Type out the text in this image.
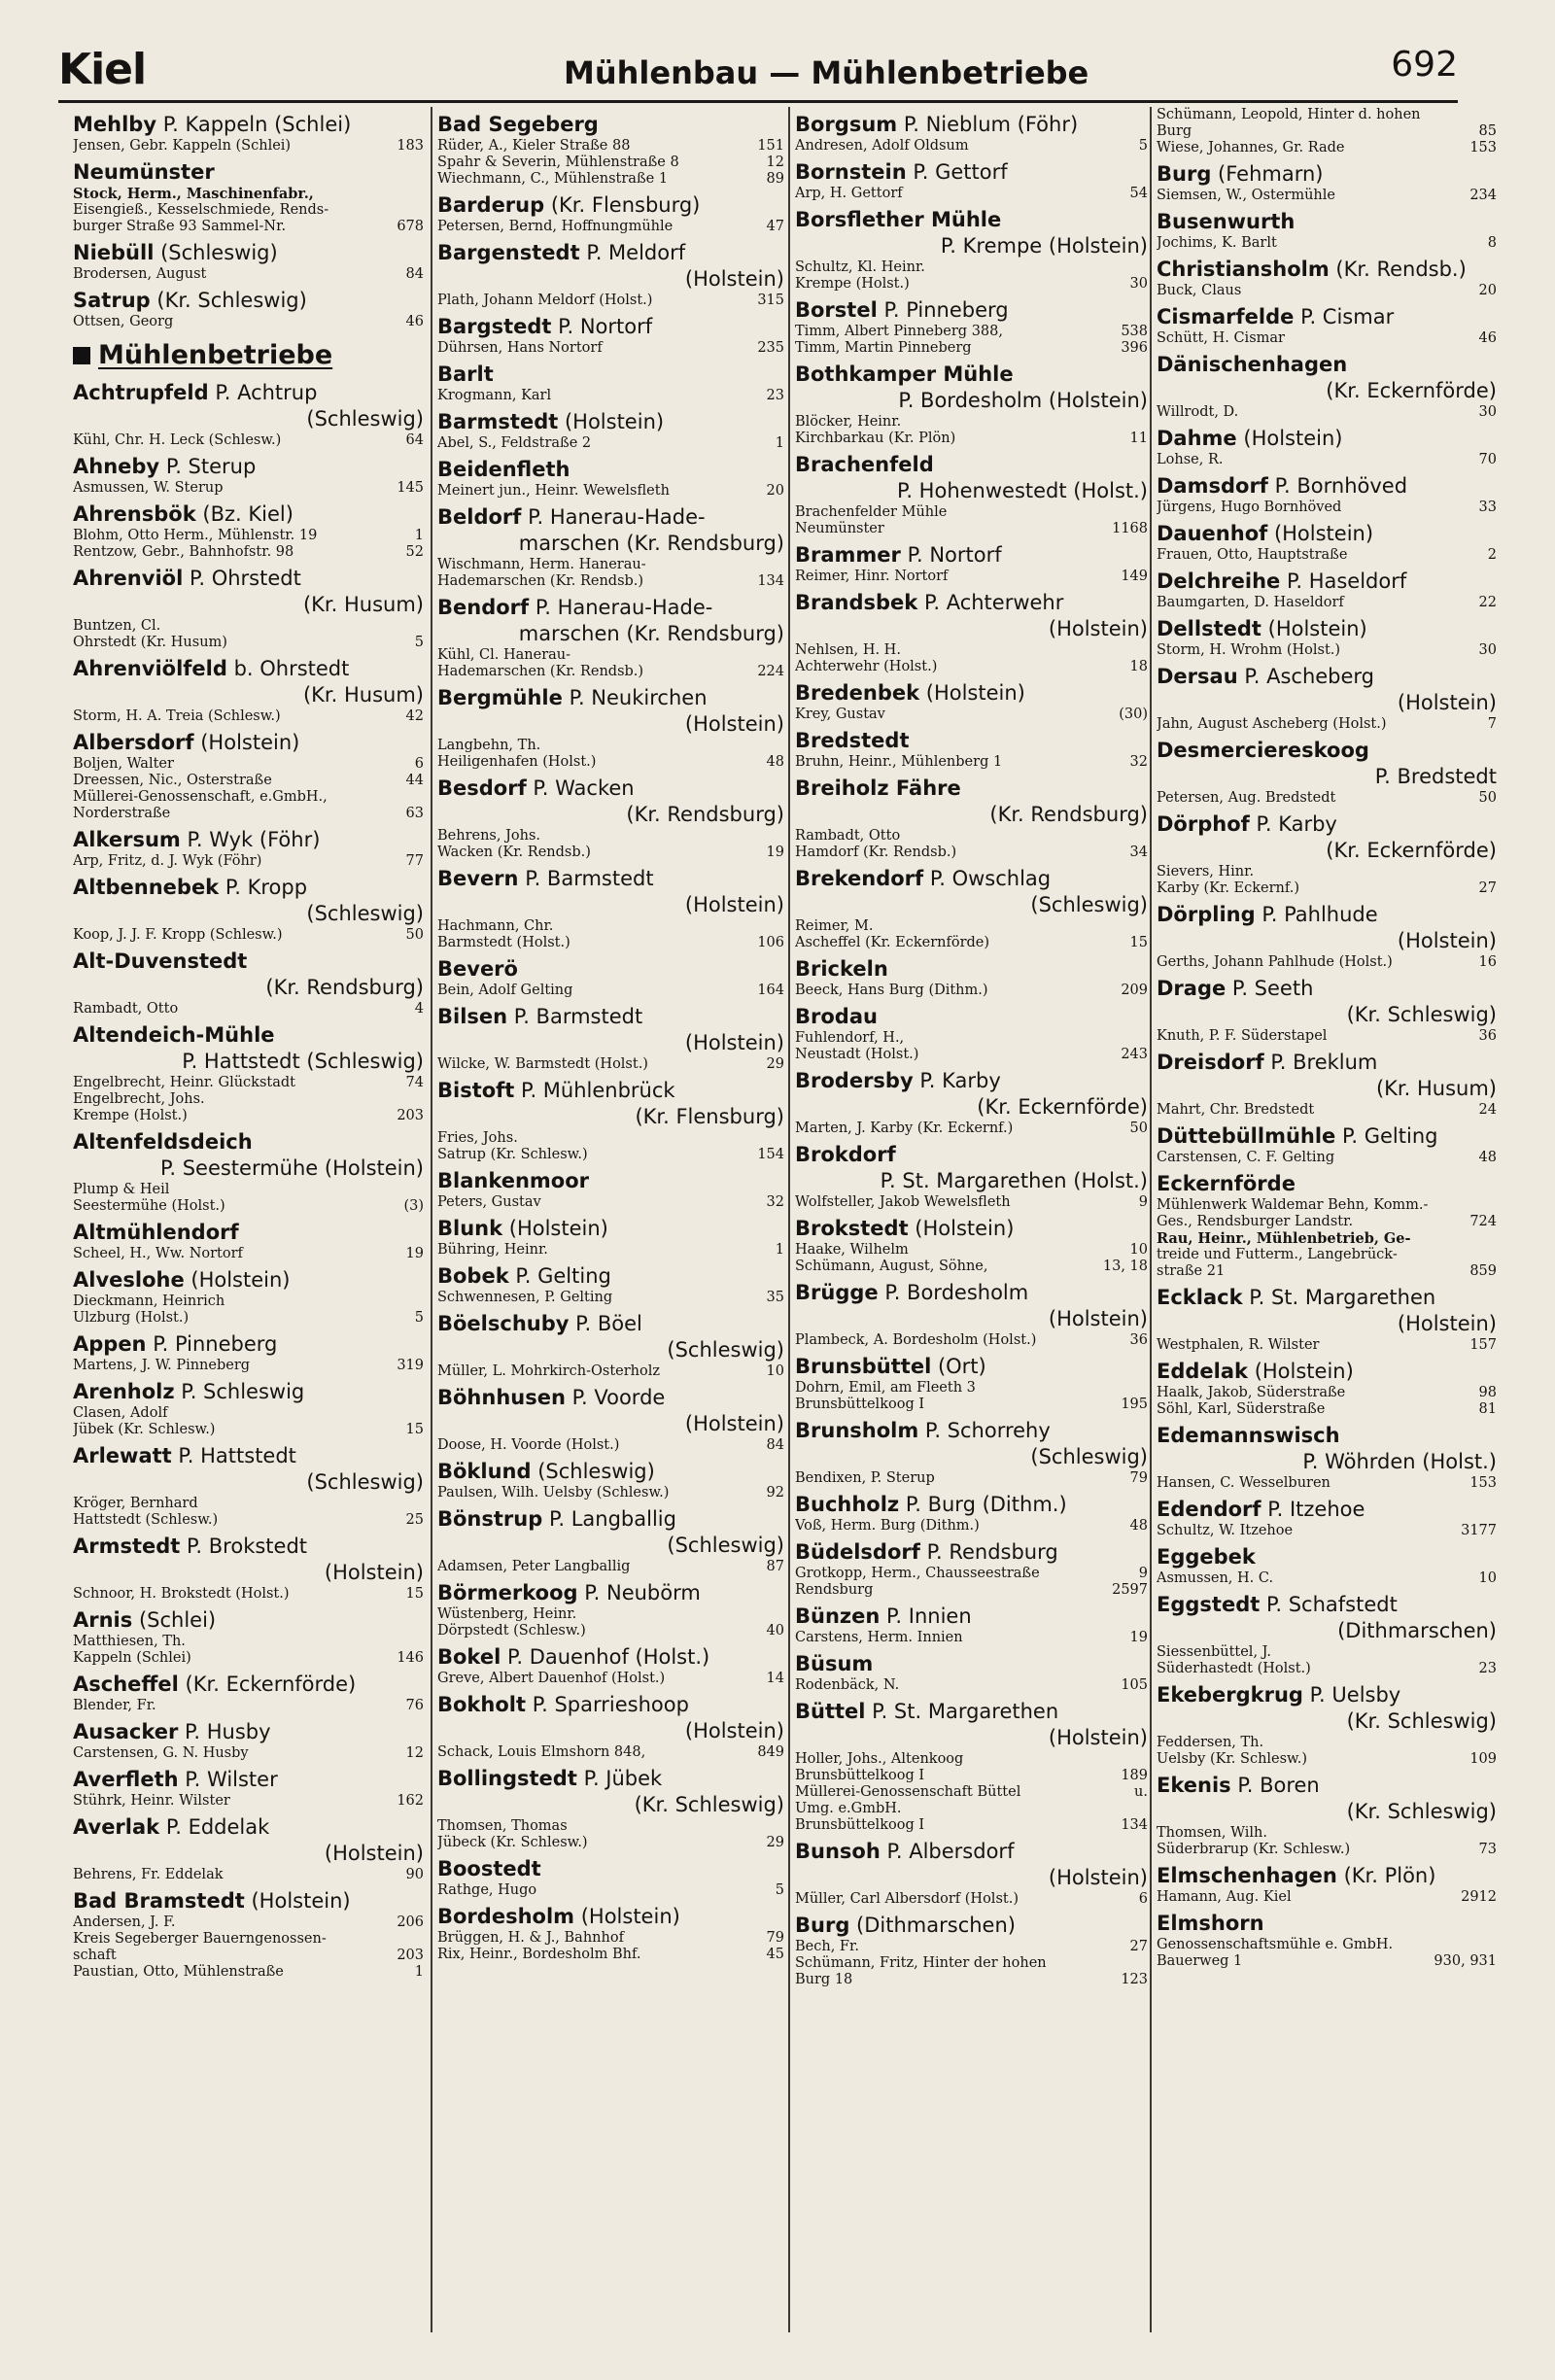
Kiel	Mühlenbau — Mühlenbetriebe	692
Mehlby P. Kappeln (Schlei)
Jensen, Gebr. Kappeln (Schlei)	183
Neumünster
Stock, Herm., Maschinenfabr.,
Eisengieß., Kesselschmiede, Rends-
burger Straße 93 Sammel-Nr.	678
Niebüll (Schleswig)
Brodersen, August	84
Satrup (Kr. Schleswig)
Ottsen, Georg	46
Mühlenbetriebe
Achtrupfeld P. Achtrup
(Schleswig)
Kühl, Chr. H. Leck (Schlesw.)	64
Ahneby P. Sterup
Asmussen, W. Sterup	145
Ahrensbök (Bz. Kiel)
Blohm, Otto Herm., Mühlenstr. 19	1
Rentzow, Gebr., Bahnhofstr. 98	52
Ahrenviöl P. Ohrstedt
(Kr. Husum)
Buntzen, Cl.
Ohrstedt (Kr. Husum)	5
Ahrenviölfeld b. Ohrstedt
(Kr. Husum)
Storm, H. A. Treia (Schlesw.)	42
Albersdorf (Holstein)
Boljen, Walter	6
Dreessen, Nic., Osterstraße	44
Müllerei-Genossenschaft, e.GmbH.,
Norderstraße	63
Alkersum P. Wyk (Föhr)
Arp, Fritz, d. J. Wyk (Föhr)	77
Altbennebek P. Kropp
(Schleswig)
Koop, J. J. F. Kropp (Schlesw.)	50
Alt-Duvenstedt
(Kr. Rendsburg)
Rambadt, Otto	4
Altendeich-Mühle
P. Hattstedt (Schleswig)
Engelbrecht, Heinr. Glückstadt	74
Engelbrecht, Johs.
Krempe (Holst.)	203
Altenfeldsdeich
P. Seestermühe (Holstein)
Plump & Heil
Seestermühe (Holst.)	(3)
Altmühlendorf
Scheel, H., Ww. Nortorf	19
Alveslohe (Holstein)
Dieckmann, Heinrich
Ulzburg (Holst.)	5
Appen P. Pinneberg
Martens, J. W. Pinneberg	319
Arenholz P. Schleswig
Clasen, Adolf
Jübek (Kr. Schlesw.)	15
Arlewatt P. Hattstedt
(Schleswig)
Kröger, Bernhard
Hattstedt (Schlesw.)	25
Armstedt P. Brokstedt
(Holstein)
Schnoor, H. Brokstedt (Holst.)	15
Arnis (Schlei)
Matthiesen, Th.
Kappeln (Schlei)	146
Ascheffel (Kr. Eckernförde)
Blender, Fr.	76
Ausacker P. Husby
Carstensen, G. N. Husby	12
Averfleth P. Wilster
Stührk, Heinr. Wilster	162
Averlak P. Eddelak
(Holstein)
Behrens, Fr. Eddelak	90
Bad Bramstedt (Holstein)
Andersen, J. F.	206
Kreis Segeberger Bauerngenossen-
schaft	203
Paustian, Otto, Mühlenstraße	1
Bad Segeberg
Rüder, A., Kieler Straße 88	151
Spahr & Severin, Mühlenstraße 8	12
Wiechmann, C., Mühlenstraße 1	89
Barderup (Kr. Flensburg)
Petersen, Bernd, Hoffnungmühle	47
Bargenstedt P. Meldorf
(Holstein)
Plath, Johann Meldorf (Holst.)	315
Bargstedt P. Nortorf
Dührsen, Hans Nortorf	235
Barlt
Krogmann, Karl	23
Barmstedt (Holstein)
Abel, S., Feldstraße 2	1
Beidenfleth
Meinert jun., Heinr. Wewelsfleth	20
Beldorf P. Hanerau-Hade-
marschen (Kr. Rendsburg)
Wischmann, Herm. Hanerau-
Hademarschen (Kr. Rendsb.)	134
Bendorf P. Hanerau-Hade-
marschen (Kr. Rendsburg)
Kühl, Cl. Hanerau-
Hademarschen (Kr. Rendsb.)	224
Bergmühle P. Neukirchen
(Holstein)
Langbehn, Th.
Heiligenhafen (Holst.)	48
Besdorf P. Wacken
(Kr. Rendsburg)
Behrens, Johs.
Wacken (Kr. Rendsb.)	19
Bevern P. Barmstedt
(Holstein)
Hachmann, Chr.
Barmstedt (Holst.)	106
Beverö
Bein, Adolf Gelting	164
Bilsen P. Barmstedt
(Holstein)
Wilcke, W. Barmstedt (Holst.)	29
Bistoft P. Mühlenbrück
(Kr. Flensburg)
Fries, Johs.
Satrup (Kr. Schlesw.)	154
Blankenmoor
Peters, Gustav	32
Blunk (Holstein)
Bühring, Heinr.	1
Bobek P. Gelting
Schwennesen, P. Gelting	35
Böelschuby P. Böel
(Schleswig)
Müller, L. Mohrkirch-Osterholz	10
Böhnhusen P. Voorde
(Holstein)
Doose, H. Voorde (Holst.)	84
Böklund (Schleswig)
Paulsen, Wilh. Uelsby (Schlesw.)	92
Bönstrup P. Langballig
(Schleswig)
Adamsen, Peter Langballig	87
Börmerkoog P. Neubörm
Wüstenberg, Heinr.
Dörpstedt (Schlesw.)	40
Bokel P. Dauenhof (Holst.)
Greve, Albert Dauenhof (Holst.)	14
Bokholt P. Sparrieshoop
(Holstein)
Schack, Louis Elmshorn 848,	849
Bollingstedt P. Jübek
(Kr. Schleswig)
Thomsen, Thomas
Jübeck (Kr. Schlesw.)	29
Boostedt
Rathge, Hugo	5
Bordesholm (Holstein)
Brüggen, H. & J., Bahnhof	79
Rix, Heinr., Bordesholm Bhf.	45
Borgsum P. Nieblum (Föhr)
Andresen, Adolf Oldsum	5
Bornstein P. Gettorf
Arp, H. Gettorf	54
Borsflether Mühle
P. Krempe (Holstein)
Schultz, Kl. Heinr.
Krempe (Holst.)	30
Borstel P. Pinneberg
Timm, Albert Pinneberg 388,	538
Timm, Martin Pinneberg	396
Bothkamper Mühle
P. Bordesholm (Holstein)
Blöcker, Heinr.
Kirchbarkau (Kr. Plön)	11
Brachenfeld
P. Hohenwestedt (Holst.)
Brachenfelder Mühle
Neumünster	1168
Brammer P. Nortorf
Reimer, Hinr. Nortorf	149
Brandsbek P. Achterwehr
(Holstein)
Nehlsen, H. H.
Achterwehr (Holst.)	18
Bredenbek (Holstein)
Krey, Gustav	(30)
Bredstedt
Bruhn, Heinr., Mühlenberg 1	32
Breiholz Fähre
(Kr. Rendsburg)
Rambadt, Otto
Hamdorf (Kr. Rendsb.)	34
Brekendorf P. Owschlag
(Schleswig)
Reimer, M.
Ascheffel (Kr. Eckernförde)	15
Brickeln
Beeck, Hans Burg (Dithm.)	209
Brodau
Fuhlendorf, H.,
Neustadt (Holst.)	243
Brodersby P. Karby
(Kr. Eckernförde)
Marten, J. Karby (Kr. Eckernf.)	50
Brokdorf
P. St. Margarethen (Holst.)
Wolfsteller, Jakob Wewelsfleth	9
Brokstedt (Holstein)
Haake, Wilhelm	10
Schümann, August, Söhne,	13, 18
Brügge P. Bordesholm
(Holstein)
Plambeck, A. Bordesholm (Holst.)	36
Brunsbüttel (Ort)
Dohrn, Emil, am Fleeth 3
Brunsbüttelkoog I	195
Brunsholm P. Schorrehy
(Schleswig)
Bendixen, P. Sterup	79
Buchholz P. Burg (Dithm.)
Voß, Herm. Burg (Dithm.)	48
Büdelsdorf P. Rendsburg
Grotkopp, Herm., Chausseestraße	9
Rendsburg	2597
Bünzen P. Innien
Carstens, Herm. Innien	19
Büsum
Rodenbäck, N.	105
Büttel P. St. Margarethen
(Holstein)
Holler, Johs., Altenkoog
Brunsbüttelkoog I	189
Müllerei-Genossenschaft Büttel	u.
Umg. e.GmbH.
Brunsbüttelkoog I	134
Bunsoh P. Albersdorf
(Holstein)
Müller, Carl Albersdorf (Holst.)	6
Burg (Dithmarschen)
Bech, Fr.	27
Schümann, Fritz, Hinter der hohen
Burg 18	123
Schümann, Leopold, Hinter d. hohen
Burg	85
Wiese, Johannes, Gr. Rade	153
Burg (Fehmarn)
Siemsen, W., Ostermühle	234
Busenwurth
Jochims, K. Barlt	8
Christiansholm (Kr. Rendsb.)
Buck, Claus	20
Cismarfelde P. Cismar
Schütt, H. Cismar	46
Dänischenhagen
(Kr. Eckernförde)
Willrodt, D.	30
Dahme (Holstein)
Lohse, R.	70
Damsdorf P. Bornhöved
Jürgens, Hugo Bornhöved	33
Dauenhof (Holstein)
Frauen, Otto, Hauptstraße	2
Delchreihe P. Haseldorf
Baumgarten, D. Haseldorf	22
Dellstedt (Holstein)
Storm, H. Wrohm (Holst.)	30
Dersau P. Ascheberg
(Holstein)
Jahn, August Ascheberg (Holst.)	7
Desmerciereskoog
P. Bredstedt
Petersen, Aug. Bredstedt	50
Dörphof P. Karby
(Kr. Eckernförde)
Sievers, Hinr.
Karby (Kr. Eckernf.)	27
Dörpling P. Pahlhude
(Holstein)
Gerths, Johann Pahlhude (Holst.)	16
Drage P. Seeth
(Kr. Schleswig)
Knuth, P. F. Süderstapel	36
Dreisdorf P. Breklum
(Kr. Husum)
Mahrt, Chr. Bredstedt	24
Düttebüllmühle P. Gelting
Carstensen, C. F. Gelting	48
Eckernförde
Mühlenwerk Waldemar Behn, Komm.-
Ges., Rendsburger Landstr.	724
Rau, Heinr., Mühlenbetrieb, Ge-
treide und Futterm., Langebrück-
straße 21	859
Ecklack P. St. Margarethen
(Holstein)
Westphalen, R. Wilster	157
Eddelak (Holstein)
Haalk, Jakob, Süderstraße	98
Söhl, Karl, Süderstraße	81
Edemannswisch
P. Wöhrden (Holst.)
Hansen, C. Wesselburen	153
Edendorf P. Itzehoe
Schultz, W. Itzehoe	3177
Eggebek
Asmussen, H. C.	10
Eggstedt P. Schafstedt
(Dithmarschen)
Siessenbüttel, J.
Süderhastedt (Holst.)	23
Ekebergkrug P. Uelsby
(Kr. Schleswig)
Feddersen, Th.
Uelsby (Kr. Schlesw.)	109
Ekenis P. Boren
(Kr. Schleswig)
Thomsen, Wilh.
Süderbrarup (Kr. Schlesw.)	73
Elmschenhagen (Kr. Plön)
Hamann, Aug. Kiel	2912
Elmshorn
Genossenschaftsmühle e. GmbH.
Bauerweg 1	930, 931
